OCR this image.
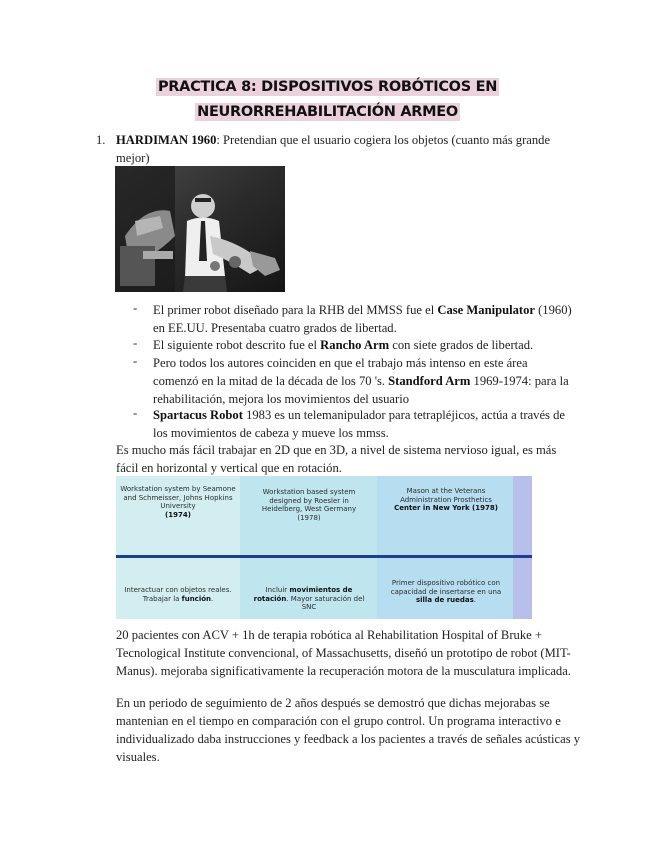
PRACTICA 8: DISPOSITIVOS ROBÓTICOS EN
NEURORREHABILITACIÓN ARMEO
1. HARDIMAN 1960: Pretendian que el usuario cogiera los objetos (cuanto más grande mejor)

- El primer robot diseñado para la RHB del MMSS fue el Case Manipulator (1960) en EE.UU. Presentaba cuatro grados de libertad.

- El siguiente robot descrito fue el Rancho Arm con siete grados de libertad.

- Pero todos los autores coinciden en que el trabajo más intenso en este área comenzó en la mitad de la década de los 70 's. Standford Arm 1969-1974: para la rehabilitación, mejora los movimientos del usuario

- Spartacus Robot 1983 es un telemanipulador para tetrapléjicos, actúa a través de los movimientos de cabeza y mueve los mmss.

Es mucho más fácil trabajar en 2D que en 3D, a nivel de sistema nervioso igual, es más fácil en horizontal y vertical que en rotación.

Workstation system by Seamone and Schmeisser, Johns Hopkins University
(1974)
Workstation based system designed by Roesler in Heidelberg, West Germany
(1978)
Mason at the Veterans Administration Prosthetics
Center in New York (1978)
Interactuar con objetos reales. Trabajar la función.
Incluir movimientos de rotación. Mayor saturación del SNC
Primer dispositivo robótico con capacidad de insertarse en una silla de ruedas.

20 pacientes con ACV + 1h de terapia robótica al Rehabilitation Hospital of Bruke + Tecnological Institute convencional, of Massachusetts, diseñó un prototipo de robot (MIT-Manus). mejoraba significativamente la recuperación motora de la musculatura implicada.

En un periodo de seguimiento de 2 años después se demostró que dichas mejorabas se mantenian en el tiempo en comparación con el grupo control. Un programa interactivo e individualizado daba instrucciones y feedback a los pacientes a través de señales acústicas y visuales.
